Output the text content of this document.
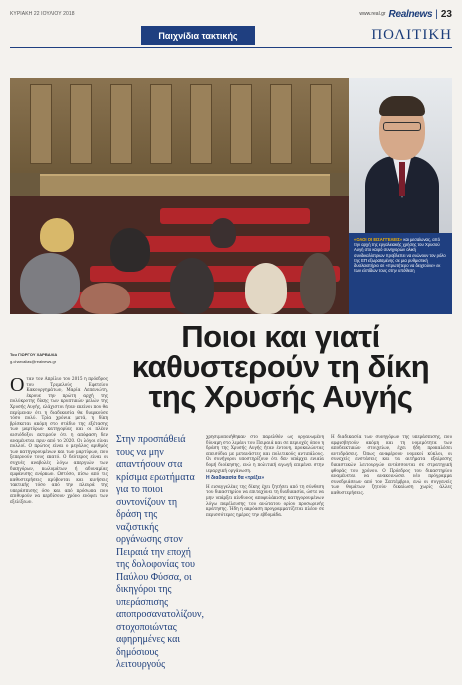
ΚΥΡΙΑΚΗ 22 ΙΟΥΛΙΟΥ 2018	www.real.gr Realnews | 23
Παιχνίδια τακτικής	ΠΟΛΙΤΙΚΗ
«ΟΛΟΙ ΟΙ ΕΙΣΑΓΓΕΛΕΙΣ» και μεσαίωνας, από την αρχή της εργαλειακής χρήσης του Χρυσού Αυγή στο καιρό συνηγορών ολική συνδικαλίστριων προβλεπει να ενώνουν τον ρόλο της ΕΠ εξωραϊσμένης σε μια ρυθμιστική δυσλαιστήριο σε «πρωτήτερο να δειχτούνε» εκ των ελπίδων τους στην υπόθεση
Ποιοι και γιατί
καθυστερούν τη δίκη
της Χρυσής Αυγής
Του ΓΙΩΡΓΟΥ ΧΑΡΒΑΛΙΑ
g.charvalias@realnews.gr
Ο ταν τον Απρίλιο του 2015 η πρόεδρος του Τριμελούς Εφετείου Κακουργημάτων, Μαρία Λεπενιώτη, έκρουε την πρώτη αρχή της πολύκροτης δίκης των κρυπτικών μελών της Χρυσής Αυγής, ελάχιστοι ήταν εκείνοι που θα περίμεναν ότι η διαδικασία θα διαρκούσε τόσο πολύ. Τρία χρόνια μετά, η δίκη βρίσκεται ακόμη στο στάδιο της εξέτασης των μαρτύρων κατηγορίας και οι πλέον αισιόδοξοι εκτιμούν ότι η απόφαση δεν αναμένεται πριν από το 2020. Οι λόγοι είναι πολλοί. Ο πρώτος είναι ο μεγάλος αριθμός των κατηγορουμένων και των μαρτύρων, που ξεπερνούν τους εκατό. Ο δεύτερος είναι οι συχνές αναβολές λόγω απεργιών των δικηγόρων, κωλυμάτων ή αδυναμίας εμφάνισης ενόρκων. Ωστόσο, πίσω από τις καθυστερήσεις κρύβονται και κινήσεις τακτικής τόσο από την πλευρά της υπεράσπισης όσο και από πρόσωπα που επιθυμούν να κερδίσουν χρόνο ενόψει των εξελίξεων.
Στην προσπάθειά τους να μην απαντήσουν στα κρίσιμα ερωτήματα για το ποιοι συντονίζουν τη δράση της ναζιστικής οργάνωσης στον Πειραιά την εποχή της δολοφονίας του Παύλου Φύσσα, οι δικηγόροι της υπεράσπισης αποπροσανατολίζουν, στοχοποιώντας αφηρημένες και δημόσιους λειτουργούς
χρησιμοποιήθηκαν στο παρελθόν ως οργανωμένη δύναμη στο λιμάνι του Πειραιά και σε περιοχές όπου η δράση της Χρυσής Αυγής ήταν έντονη, προκαλώντας επεισόδια με μετανάστες και πολιτικούς αντιπάλους. Οι συνήγοροι υποστηρίζουν ότι δεν υπάρχει ενιαία δομή διοίκησης, ενώ η πολιτική αγωγή επιμένει στην ιεραρχική οργάνωση.
Η διαδικασία θα «τρέξει»
Η εισαγγελέας της δίκης έχει ζητήσει από τη σύνθεση του δικαστηρίου να επιταχύνει τη διαδικασία, ώστε να μην υπάρξει κίνδυνος αποφυλάκισης κατηγορουμένων λόγω παρέλευσης του ανώτατου ορίου προσωρινής κράτησης. Ήδη η ακρόαση προγραμματίζεται πλέον σε περισσότερες ημέρες την εβδομάδα.
Η διαδικασία των συνηγόρων της υπεράσπισης, που αμφισβητούν ακόμη και τη νομιμότητα των αποδεικτικών στοιχείων, έχει ήδη προκαλέσει αντιδράσεις. Όπως αναφέρουν νομικοί κύκλοι, οι συνεχείς ενστάσεις και τα αιτήματα εξαίρεσης δικαστικών λειτουργών εντάσσονται σε στρατηγική φθοράς του χρόνου. Ο Πρόεδρος του δικαστηρίου αναμένεται να ανακοινώσει νέο πρόγραμμα συνεδριάσεων από τον Σεπτέμβριο, ενώ οι συγγενείς των θυμάτων ζητούν δικαίωση χωρίς άλλες καθυστερήσεις.
